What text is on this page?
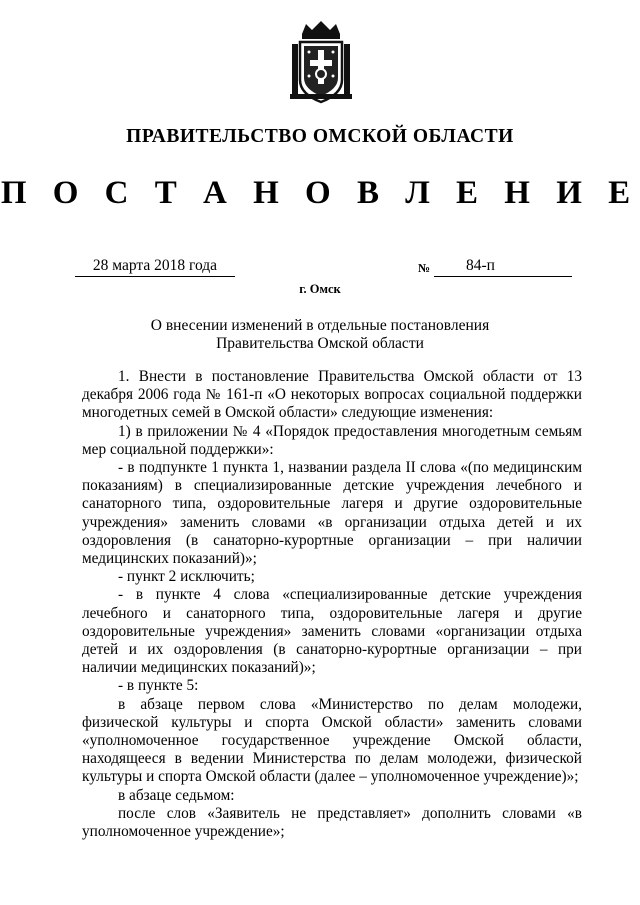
ПРАВИТЕЛЬСТВО ОМСКОЙ ОБЛАСТИ
П О С Т А Н О В Л Е Н И Е
28 марта 2018 года	№ 84-п
г. Омск
О внесении изменений в отдельные постановления
Правительства Омской области

1. Внести в постановление Правительства Омской области от 13 декабря 2006 года № 161-п «О некоторых вопросах социальной поддержки многодетных семей в Омской области» следующие изменения:

1) в приложении № 4 «Порядок предоставления многодетным семьям мер социальной поддержки»:

- в подпункте 1 пункта 1, названии раздела II слова «(по медицинским показаниям) в специализированные детские учреждения лечебного и санаторного типа, оздоровительные лагеря и другие оздоровительные учреждения» заменить словами «в организации отдыха детей и их оздоровления (в санаторно-курортные организации – при наличии медицинских показаний)»;

- пункт 2 исключить;

- в пункте 4 слова «специализированные детские учреждения лечебного и санаторного типа, оздоровительные лагеря и другие оздоровительные учреждения» заменить словами «организации отдыха детей и их оздоровления (в санаторно-курортные организации – при наличии медицинских показаний)»;

- в пункте 5:

в абзаце первом слова «Министерство по делам молодежи, физической культуры и спорта Омской области» заменить словами «уполномоченное государственное учреждение Омской области, находящееся в ведении Министерства по делам молодежи, физической культуры и спорта Омской области (далее – уполномоченное учреждение)»;

в абзаце седьмом:

после слов «Заявитель не представляет» дополнить словами «в уполномоченное учреждение»;
